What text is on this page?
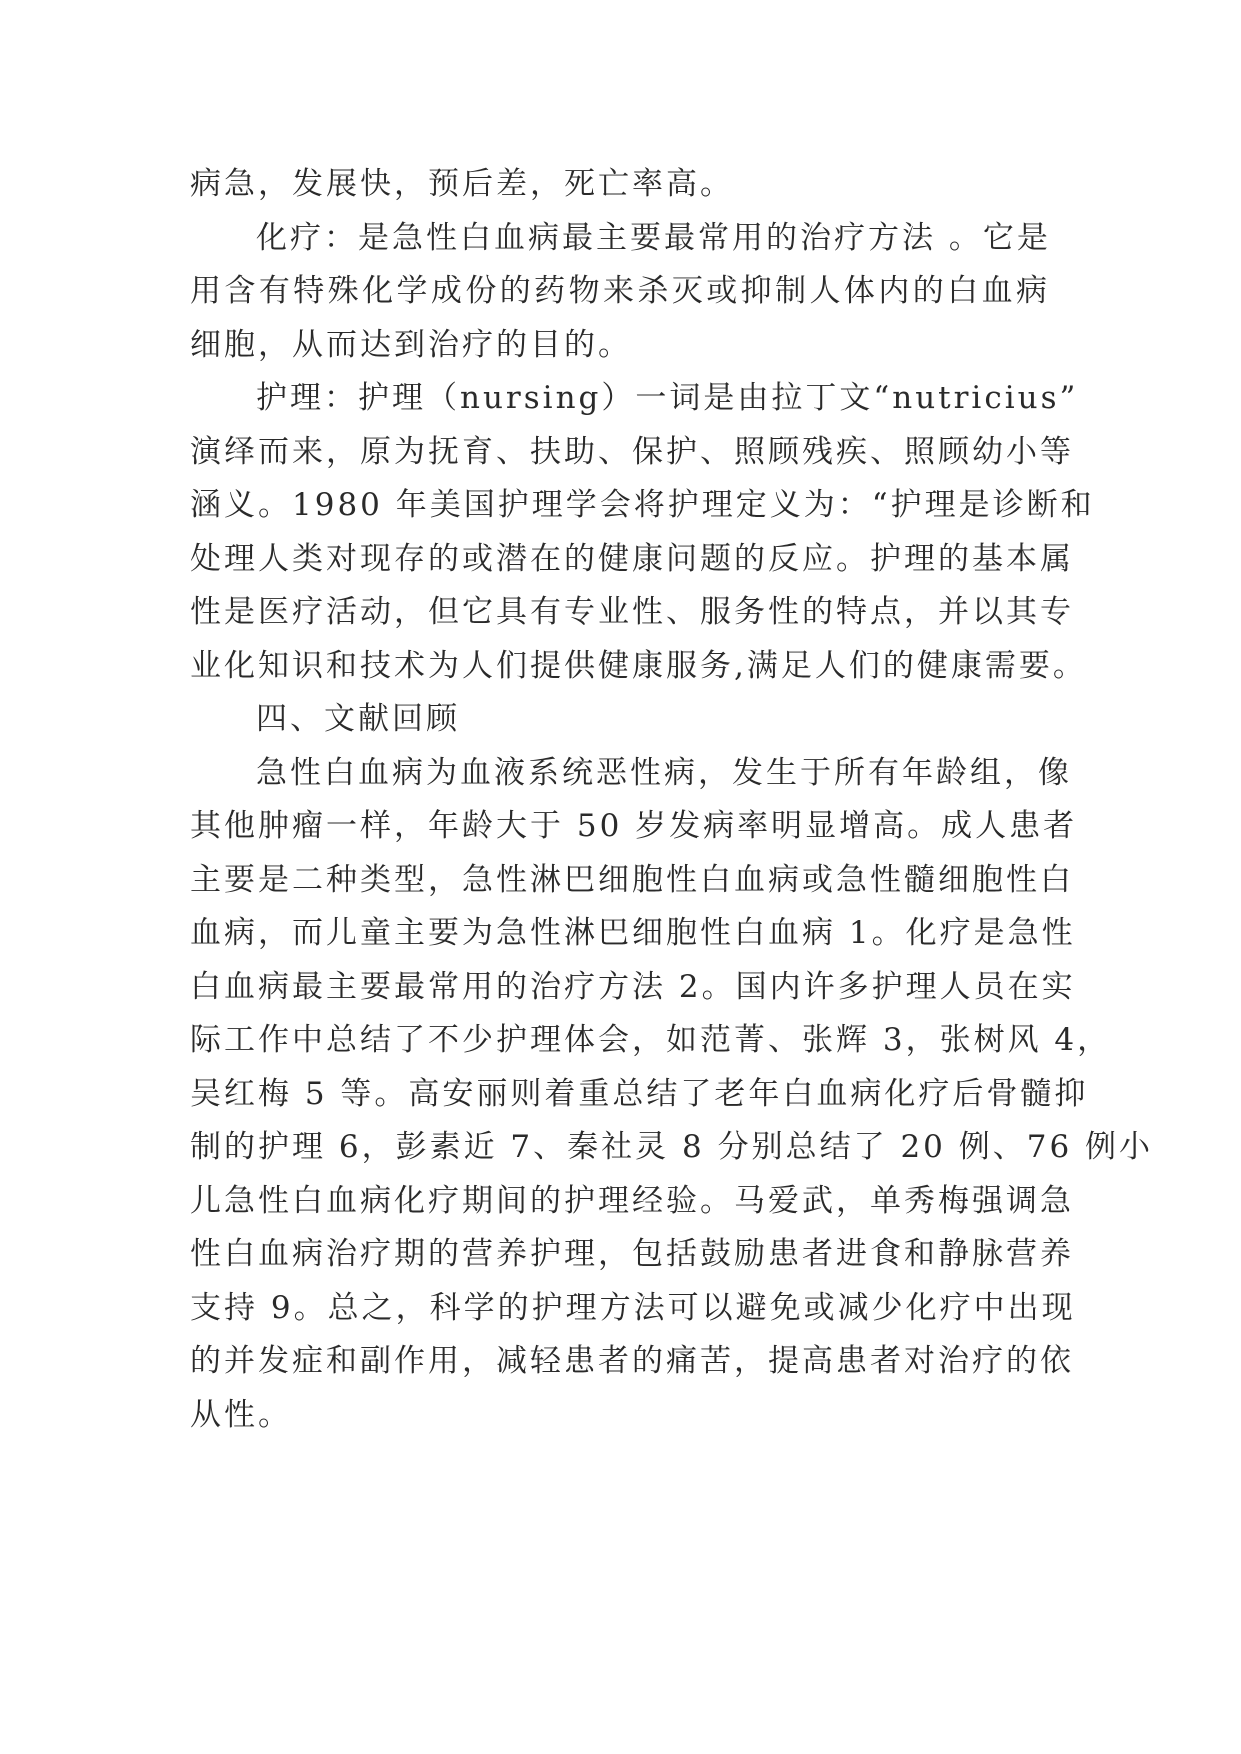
病急，发展快，预后差，死亡率高。
化疗：是急性白血病最主要最常用的治疗方法 。它是
用含有特殊化学成份的药物来杀灭或抑制人体内的白血病
细胞，从而达到治疗的目的。
护理：护理（nursing）一词是由拉丁文“nutricius”
演绎而来，原为抚育、扶助、保护、照顾残疾、照顾幼小等
涵义。1980 年美国护理学会将护理定义为：“护理是诊断和
处理人类对现存的或潜在的健康问题的反应。护理的基本属
性是医疗活动，但它具有专业性、服务性的特点，并以其专
业化知识和技术为人们提供健康服务,满足人们的健康需要。
四、文献回顾
急性白血病为血液系统恶性病，发生于所有年龄组，像
其他肿瘤一样，年龄大于 50 岁发病率明显增高。成人患者
主要是二种类型，急性淋巴细胞性白血病或急性髓细胞性白
血病，而儿童主要为急性淋巴细胞性白血病 1。化疗是急性
白血病最主要最常用的治疗方法 2。国内许多护理人员在实
际工作中总结了不少护理体会，如范菁、张辉 3，张树风 4，
吴红梅 5 等。高安丽则着重总结了老年白血病化疗后骨髓抑
制的护理 6，彭素近 7、秦社灵 8 分别总结了 20 例、76 例小
儿急性白血病化疗期间的护理经验。马爱武，单秀梅强调急
性白血病治疗期的营养护理，包括鼓励患者进食和静脉营养
支持 9。总之，科学的护理方法可以避免或减少化疗中出现
的并发症和副作用，减轻患者的痛苦，提高患者对治疗的依
从性。
